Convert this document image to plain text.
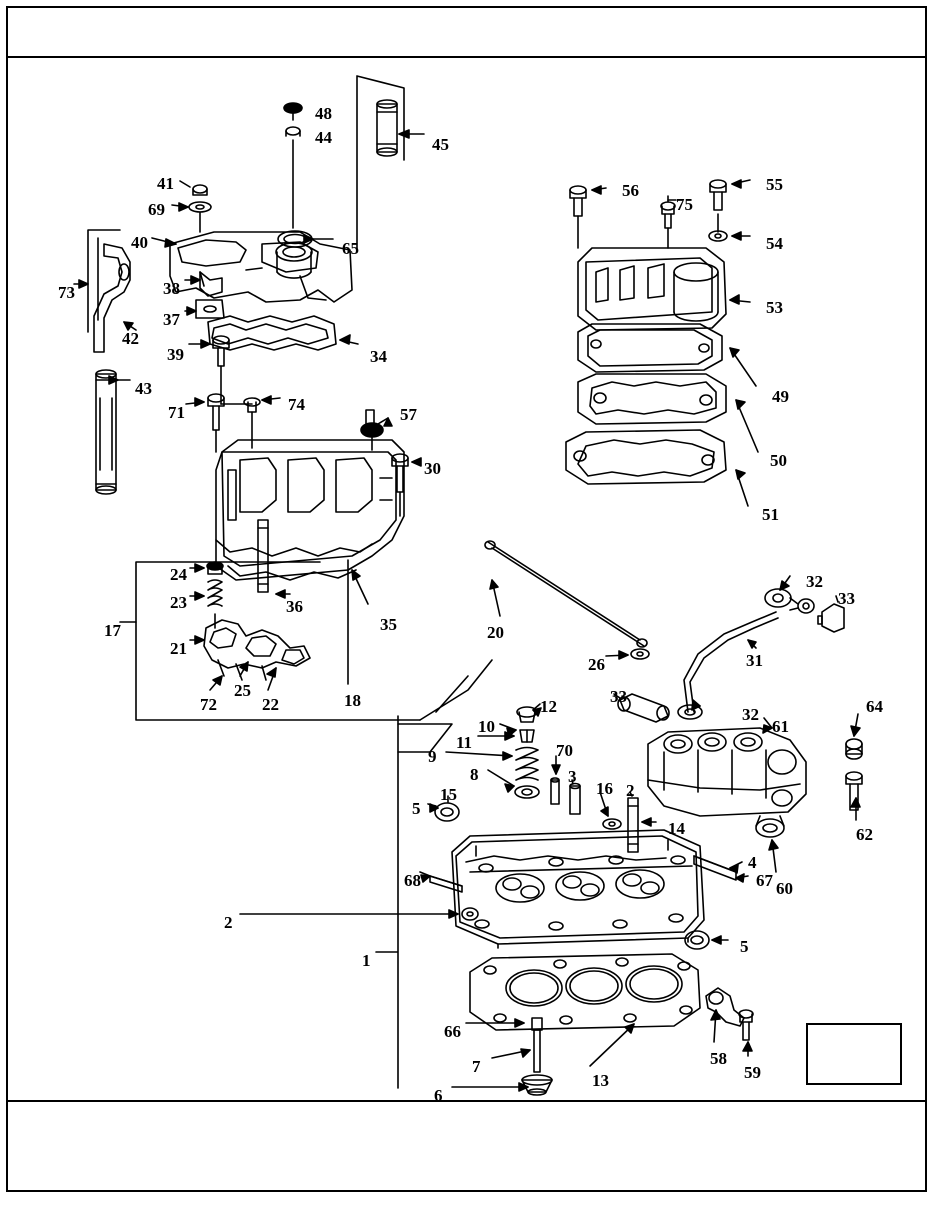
48
44	45
41
69
56
75
55
54
40	65
73	38
53
37
42
39	34
49
43
71	74
57
30	50
51
24
23	36
35
32
33
17
21
20
31
26
72
25
22	18	33
32
12
10
11
61
64
9	70
8	3
16 2
15
5
62
14
68
4
67 60
2
5
1
66
58
59
7
13
6
